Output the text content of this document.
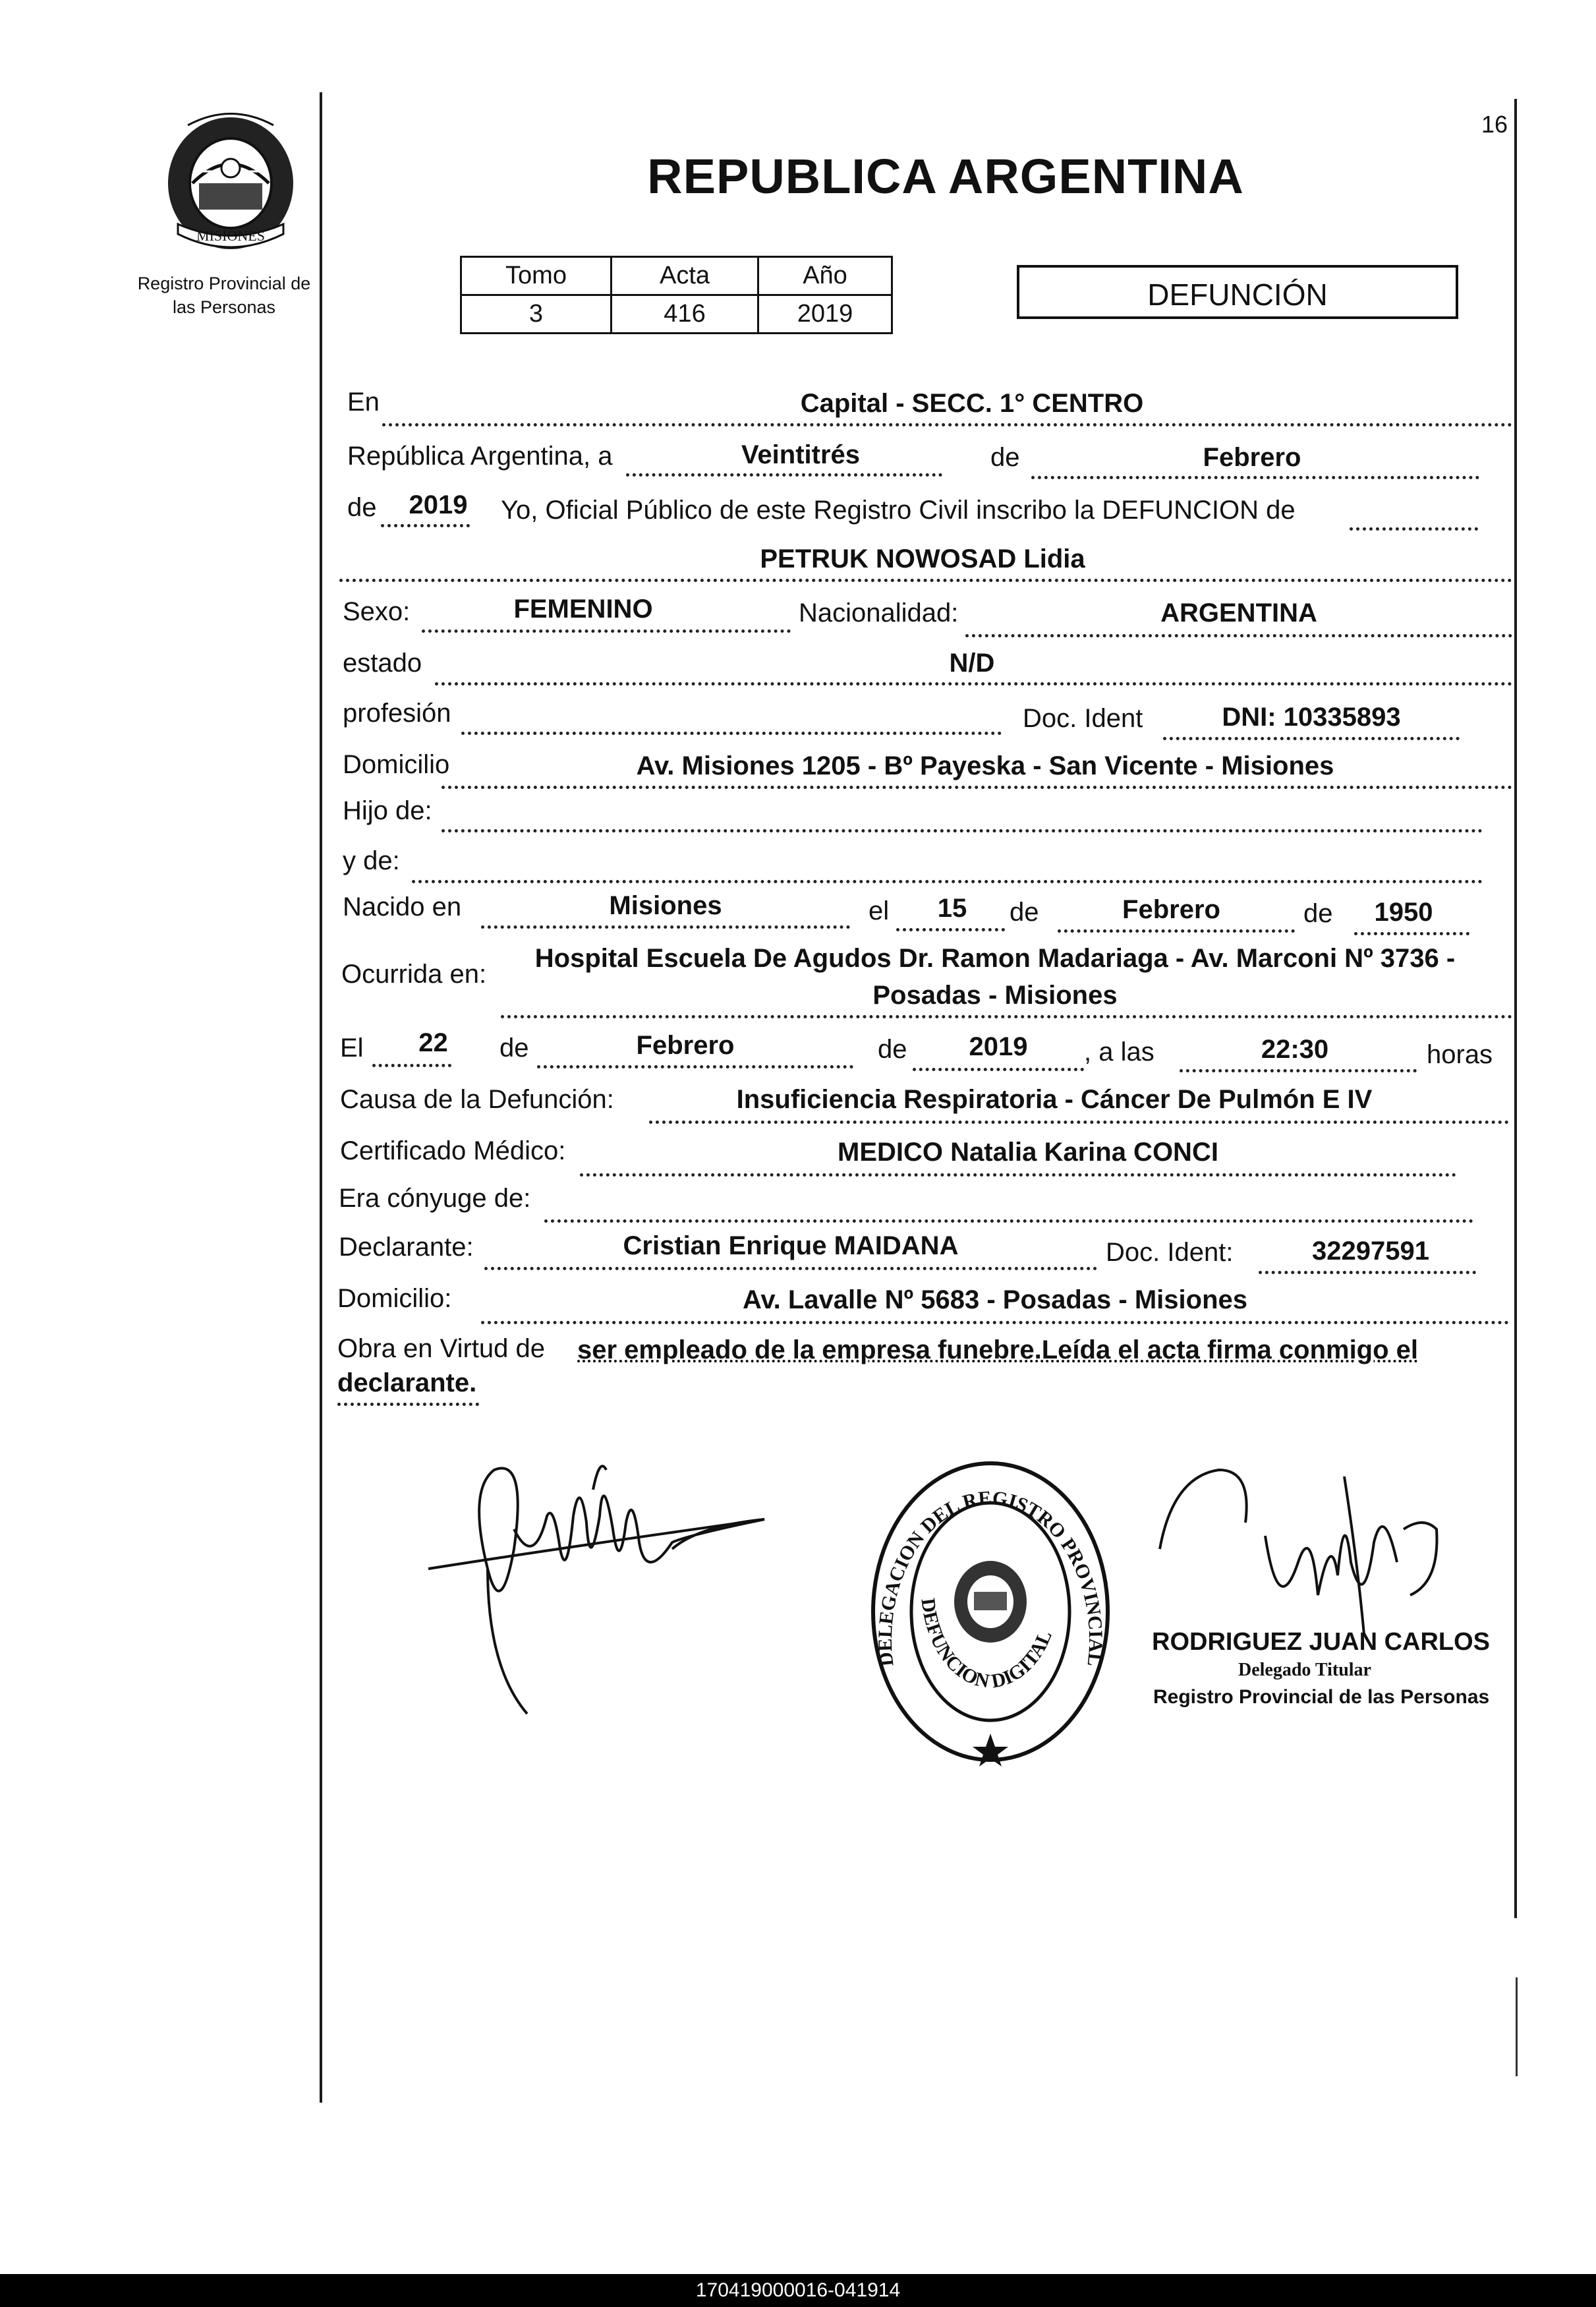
16
MISIONES
Registro Provincial de
las Personas
REPUBLICA ARGENTINA
Tomo	Acta	Año
3	416	2019
DEFUNCIÓN
En	Capital - SECC. 1° CENTRO
República Argentina, a	Veintitrés	de	Febrero
de	2019	Yo, Oficial Público de este Registro Civil inscribo la DEFUNCION de
PETRUK NOWOSAD Lidia
Sexo:	FEMENINO	Nacionalidad:	ARGENTINA
estado	N/D
profesión	Doc. Ident	DNI: 10335893
Domicilio	Av. Misiones 1205 - Bº Payeska - San Vicente - Misiones
Hijo de:
y de:
Nacido en	Misiones	el	15	de	Febrero	de	1950
Ocurrida en:
Hospital Escuela De Agudos Dr. Ramon Madariaga - Av. Marconi Nº 3736 -
Posadas - Misiones
El	22	de	Febrero	de	2019	, a las	22:30	horas
Causa de la Defunción:	Insuficiencia Respiratoria - Cáncer De Pulmón E IV
Certificado Médico:	MEDICO Natalia Karina CONCI
Era cónyuge de:
Declarante:	Cristian Enrique MAIDANA	Doc. Ident:	32297591
Domicilio:	Av. Lavalle Nº 5683 - Posadas - Misiones
Obra en Virtud de ser empleado de la empresa funebre.Leída el acta firma conmigo el
declarante.
DELEGACION DEL REGISTRO PROVINCIAL
DEFUNCION DIGITAL	RODRIGUEZ JUAN CARLOS
Delegado Titular
Registro Provincial de las Personas
170419000016-041914
